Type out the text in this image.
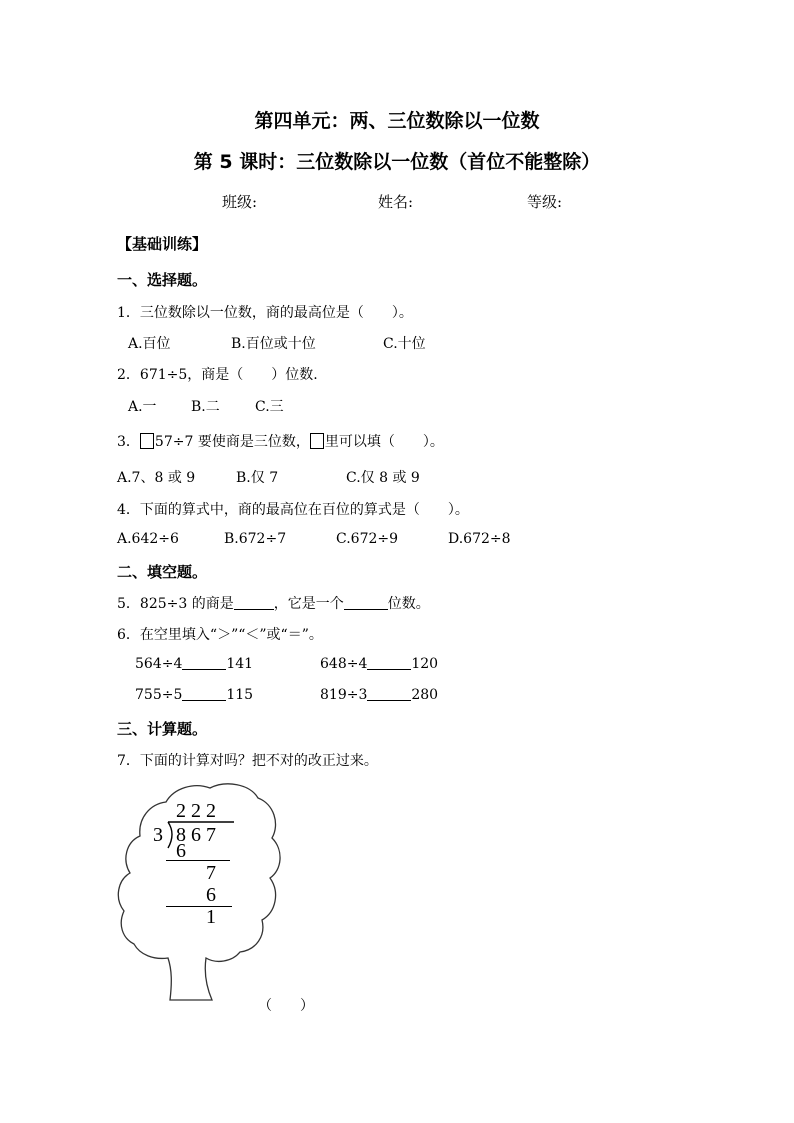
第四单元：两、三位数除以一位数
第 5 课时：三位数除以一位数（首位不能整除）
班级:	姓名:	等级:
【基础训练】
一、选择题。
1．三位数除以一位数，商的最高位是（　　）。
A.百位	B.百位或十位	C.十位
2．671÷5，商是（　　）位数.
A.一 B.二	C.三
3． 57÷7 要使商是三位数， 里可以填（　　）。
A.7、8 或 9	B.仅 7	C.仅 8 或 9
4．下面的算式中，商的最高位在百位的算式是（　　）。
A.642÷6	B.672÷7	C.672÷9	D.672÷8
二、填空题。
5．825÷3 的商是	，它是一个	位数。
6．在空里填入“＞”“＜”或“＝”。
564÷4	141	648÷4	120
755÷5	115	819÷3	280
三、计算题。
7．下面的计算对吗？把不对的改正过来。
2 2 2
3 8 6 7
6
7
6
1
（　　）
